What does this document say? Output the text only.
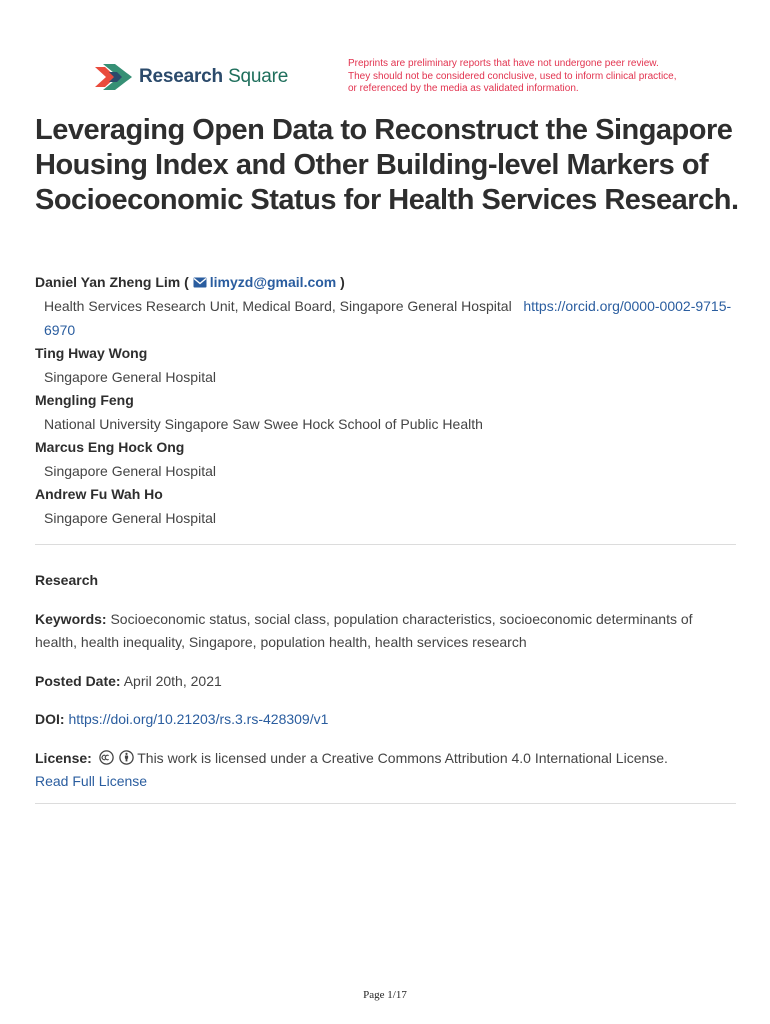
Research Square
Preprints are preliminary reports that have not undergone peer review.
They should not be considered conclusive, used to inform clinical practice,
or referenced by the media as validated information.
Leveraging Open Data to Reconstruct the Singapore Housing Index and Other Building-level Markers of Socioeconomic Status for Health Services Research.
Daniel Yan Zheng Lim ( limyzd@gmail.com )
Health Services Research Unit, Medical Board, Singapore General Hospital https://orcid.org/0000-0002-9715-6970
Ting Hway Wong
Singapore General Hospital
Mengling Feng
National University Singapore Saw Swee Hock School of Public Health
Marcus Eng Hock Ong
Singapore General Hospital
Andrew Fu Wah Ho
Singapore General Hospital
Research
Keywords: Socioeconomic status, social class, population characteristics, socioeconomic determinants of health, health inequality, Singapore, population health, health services research
Posted Date: April 20th, 2021
DOI: https://doi.org/10.21203/rs.3.rs-428309/v1
License:	This work is licensed under a Creative Commons Attribution 4.0 International License.
Read Full License
Page 1/17
